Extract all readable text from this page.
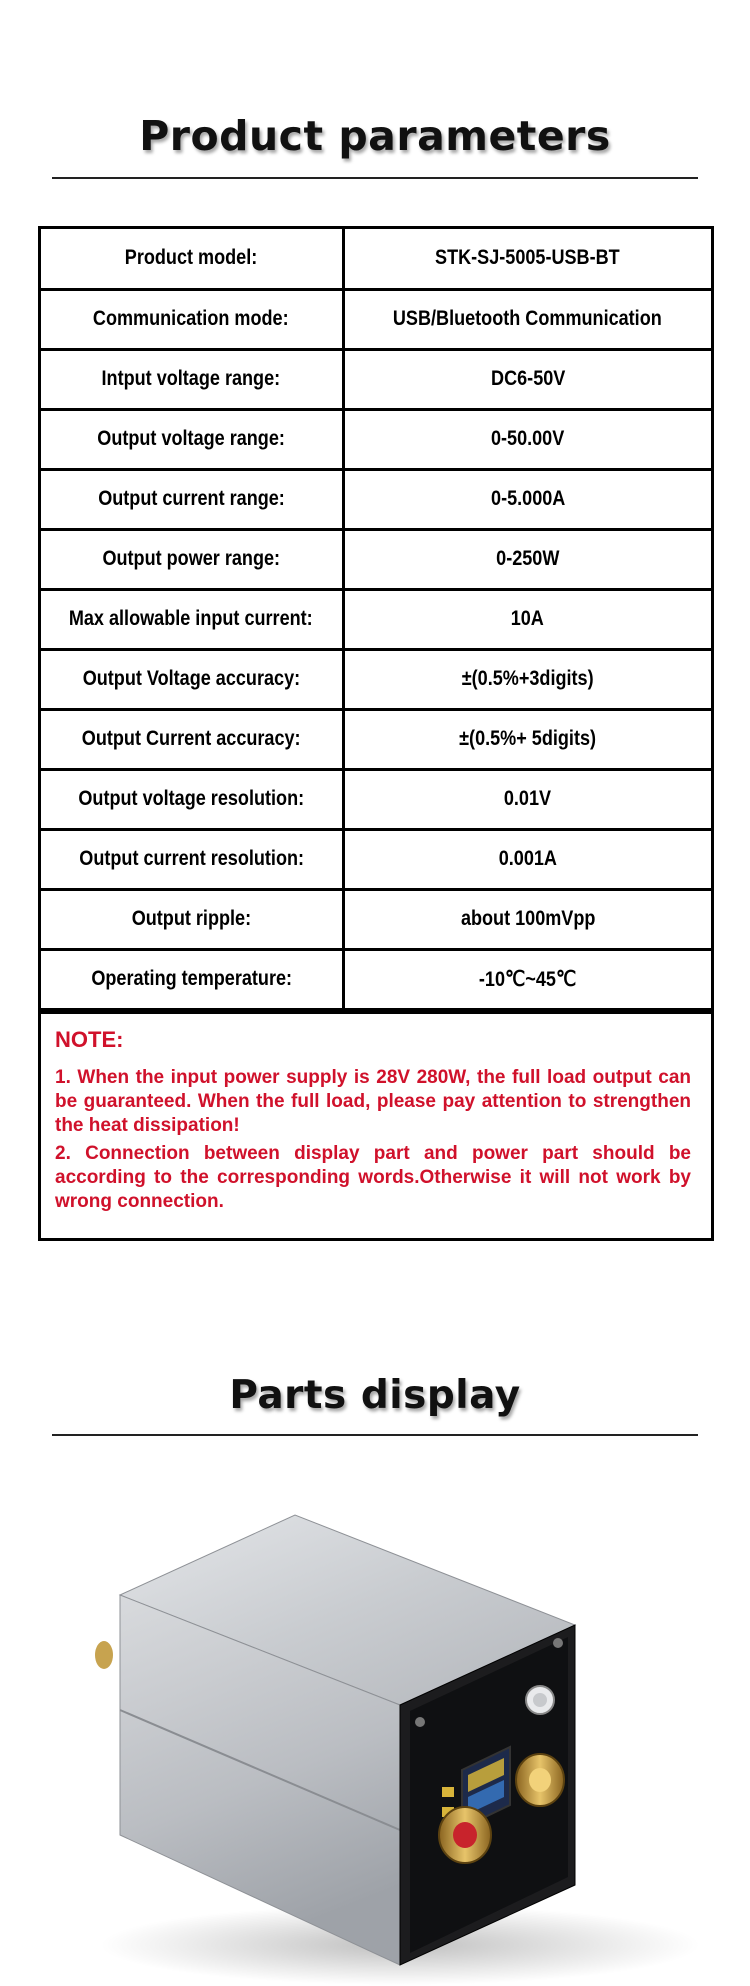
Product parameters
Product model:	STK-SJ-5005-USB-BT
Communication mode:	USB/Bluetooth Communication
Intput voltage range:	DC6-50V
Output voltage range:	0-50.00V
Output current range:	0-5.000A
Output power range:	0-250W
Max allowable input current:	10A
Output Voltage accuracy:	±(0.5%+3digits)
Output Current accuracy:	±(0.5%+ 5digits)
Output voltage resolution:	0.01V
Output current resolution:	0.001A
Output ripple:	about 100mVpp
Operating temperature:	-10℃~45℃
NOTE:
1. When the input power supply is 28V 280W, the full load output can be guaranteed. When the full load, please pay attention to strengthen the heat dissipation!
2. Connection between display part and power part should be according to the corresponding words.Otherwise it will not work by wrong connection.
Parts display
